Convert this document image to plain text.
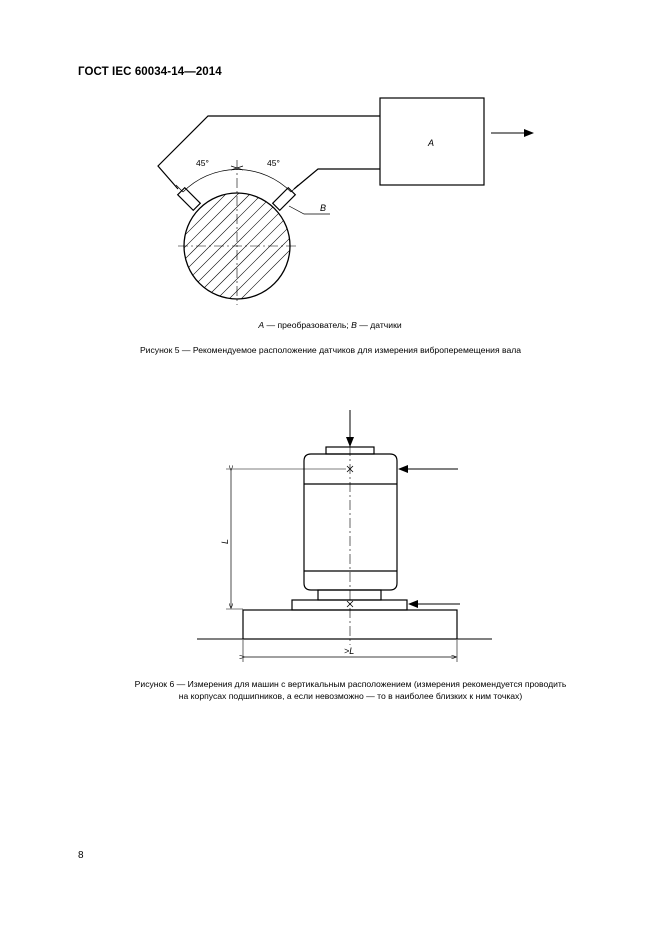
ГОСТ IEC 60034-14—2014
A
45°	45°
B
A — преобразователь; B — датчики
Рисунок 5 — Рекомендуемое расположение датчиков для измерения виброперемещения вала
L
>L
Рисунок 6 — Измерения для машин с вертикальным расположением (измерения рекомендуется проводить
на корпусах подшипников, а если невозможно — то в наиболее близких к ним точках)
8
